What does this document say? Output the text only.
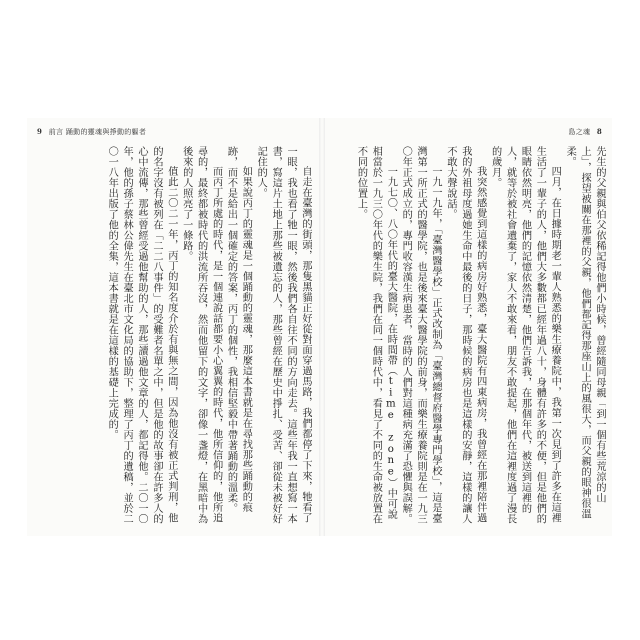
9 前言 踊動的靈魂與掙動的軀者	島之魂 8

自走在臺灣的街頭，那隻黑貓正好從對面穿過馬路，我們都停了下來，牠看了一眼，我也看了牠一眼，然後我們各自往不同的方向走去。這些年我一直想寫一本書，寫這片土地上那些被遺忘的人，那些曾經在歷史中掙扎、受苦、卻從未被好好記住的人。

如果說丙丁的靈魂是一個踊動的靈魂，那麼這本書就是在尋找那些踊動的痕跡，而不是給出一個確定的答案，丙丁的個性，我相信堅毅中帶著踊動的溫柔。

而丙丁所處的時代，是一個連說話都要小心翼翼的時代，他所信仰的，他所追尋的，最終都被時代的洪流所吞沒，然而他留下的文字，卻像一盞燈，在黑暗中為後來的人照亮了一條路。

值此二〇二一年，丙丁的知名度介於有與無之間，因為他沒有被正式判刑，他的名字沒有被列在「二二八事件」的受難者名單之中，但是他的故事卻在許多人的心中流傳，那些曾經受過他幫助的人，那些讀過他文章的人，都記得他。二〇一〇年，他的孫子蔡林公偉先生在臺北市文化局的協助下，整理了丙丁的遺稿，並於二〇一八年出版了他的全集，這本書就是在這樣的基礎上完成的。	先生的父親與伯父依稀記得他們小時候，曾經隨同母親「到一個有些荒涼的山上」，探望被關在那裡的父親，他們都記得那座山上的風很大，而父親的眼神很溫柔。

四月，在日據時期老一輩人熟悉的樂生療養院中，我第一次見到了許多在這裡生活了一輩子的人，他們大多數都已經年過八十，身體有許多的不便，但是他們的眼睛依然明亮，他們的記憶依然清楚，他們告訴我，在那個年代，被送到這裡的人，就等於被社會遺棄了，家人不敢來看，朋友不敢提起，他們在這裡度過了漫長的歲月。

我突然感覺到這樣的病房好熟悉，臺大醫院有四東病房，我曾經在那裡陪伴過我的外祖母度過她生命中最後的日子，那時候的病房也是這樣的安靜，這樣的讓人不敢大聲說話。

一九一九年，「臺灣醫學校」正式改制為「臺灣總督府醫學專門學校」，這是臺灣第一所正式的醫學院，也是後來臺大醫學院的前身，而樂生療養院則是在一九三〇年正式成立的，專門收容漢生病患者，當時的人們對這種病充滿了恐懼與誤解。

一九七〇、八〇年代的臺大醫院，在時間帶（time zone）中可說相當於一九三〇年代的樂生院，我們在同一個時代中，看見了不同的生命被放置在不同的位置上。
